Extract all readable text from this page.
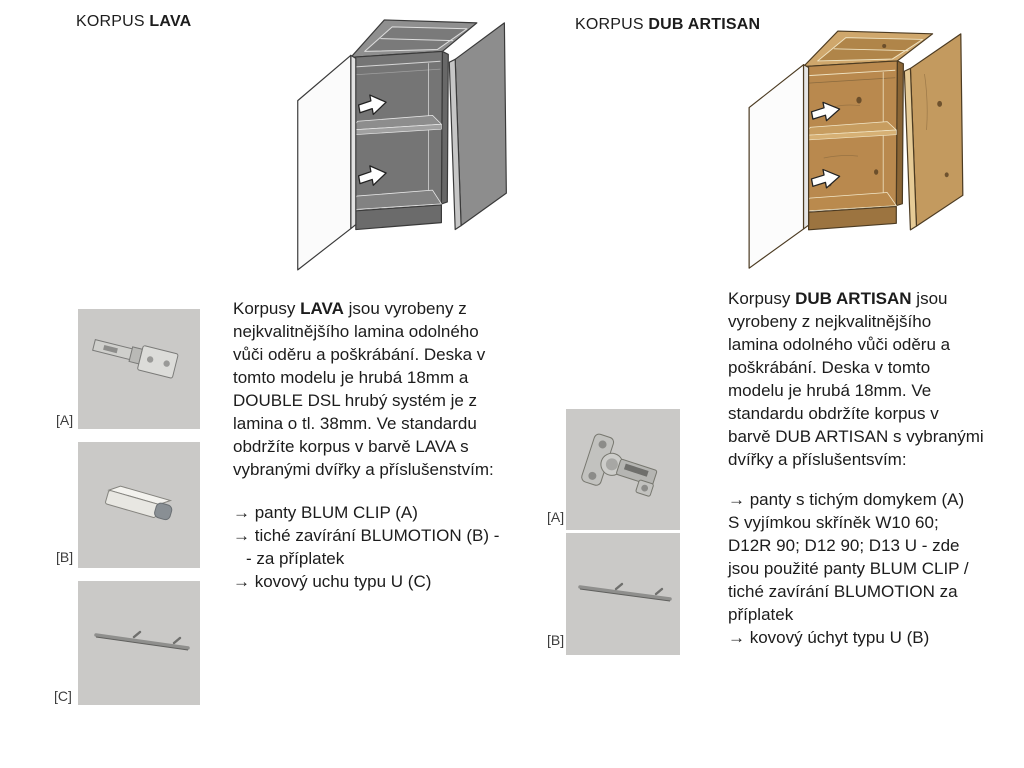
KORPUS LAVA
[A]
[B]
[C]
Korpusy LAVA jsou vyrobeny z
nejkvalitnějšího lamina odolného
vůči oděru a poškrábání. Deska v
tomto modelu je hrubá 18mm a
DOUBLE DSL hrubý systém je z
lamina o tl. 38mm. Ve standardu
obdržíte korpus v barvě LAVA s
vybranými dvířky a příslušenstvím:
→ panty BLUM CLIP (A)
→ tiché zavírání BLUMOTION (B) -
- za příplatek
→ kovový uchu typu U (C)
KORPUS DUB ARTISAN
[A]
[B]
Korpusy DUB ARTISAN jsou
vyrobeny z nejkvalitnějšího
lamina odolného vůči oděru a
poškrábání. Deska v tomto
modelu je hrubá 18mm. Ve
standardu obdržíte korpus v
barvě DUB ARTISAN s vybranými
dvířky a příslušentsvím:
→ panty s tichým domykem (A)
S vyjímkou skříněk W10 60;
D12R 90; D12 90; D13 U - zde
jsou použité panty BLUM CLIP /
tiché zavírání BLUMOTION za
příplatek
→ kovový úchyt typu U (B)
